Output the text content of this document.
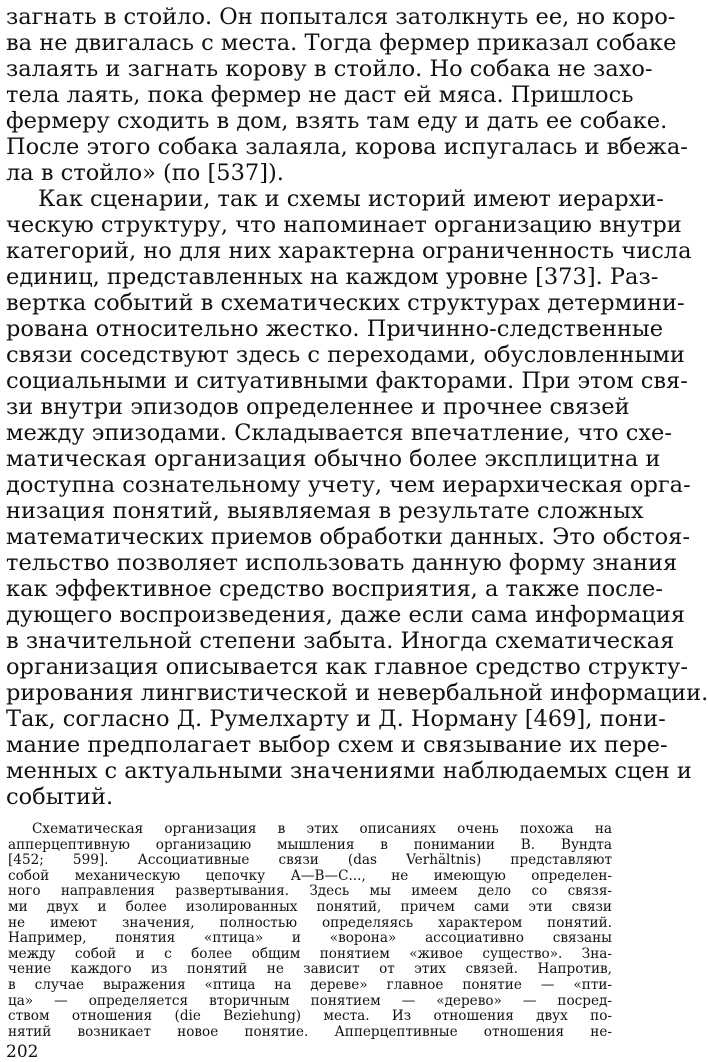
загнать в стойло. Он попытался затолкнуть ее, но коро-
ва не двигалась с места. Тогда фермер приказал собаке
залаять и загнать корову в стойло. Но собака не захо-
тела лаять, пока фермер не даст ей мяса. Пришлось
фермеру сходить в дом, взять там еду и дать ее собаке.
После этого собака залаяла, корова испугалась и вбежа-
ла в стойло» (по [537]).
Как сценарии, так и схемы историй имеют иерархи-
ческую структуру, что напоминает организацию внутри
категорий, но для них характерна ограниченность числа
единиц, представленных на каждом уровне [373]. Раз-
вертка событий в схематических структурах детермини-
рована относительно жестко. Причинно-следственные
связи соседствуют здесь с переходами, обусловленными
социальными и ситуативными факторами. При этом свя-
зи внутри эпизодов определеннее и прочнее связей
между эпизодами. Складывается впечатление, что схе-
матическая организация обычно более эксплицитна и
доступна сознательному учету, чем иерархическая орга-
низация понятий, выявляемая в результате сложных
математических приемов обработки данных. Это обстоя-
тельство позволяет использовать данную форму знания
как эффективное средство восприятия, а также после-
дующего воспроизведения, даже если сама информация
в значительной степени забыта. Иногда схематическая
организация описывается как главное средство структу-
рирования лингвистической и невербальной информации.
Так, согласно Д. Румелхарту и Д. Норману [469], пони-
мание предполагает выбор схем и связывание их пере-
менных с актуальными значениями наблюдаемых сцен и
событий.
202
Схематическая организация в этих описаниях очень похожа на
апперцептивную организацию мышления в понимании В. Вундта
[452; 599]. Ассоциативные связи (das Verhältnis) представляют
собой механическую цепочку А—В—С..., не имеющую определен-
ного направления развертывания. Здесь мы имеем дело со связя-
ми двух и более изолированных понятий, причем сами эти связи
не имеют значения, полностью определяясь характером понятий.
Например, понятия «птица» и «ворона» ассоциативно связаны
между собой и с более общим понятием «живое существо». Зна-
чение каждого из понятий не зависит от этих связей. Напротив,
в случае выражения «птица на дереве» главное понятие — «пти-
ца» — определяется вторичным понятием — «дерево» — посред-
ством отношения (die Beziehung) места. Из отношения двух по-
нятий возникает новое понятие. Апперцептивные отношения не-
